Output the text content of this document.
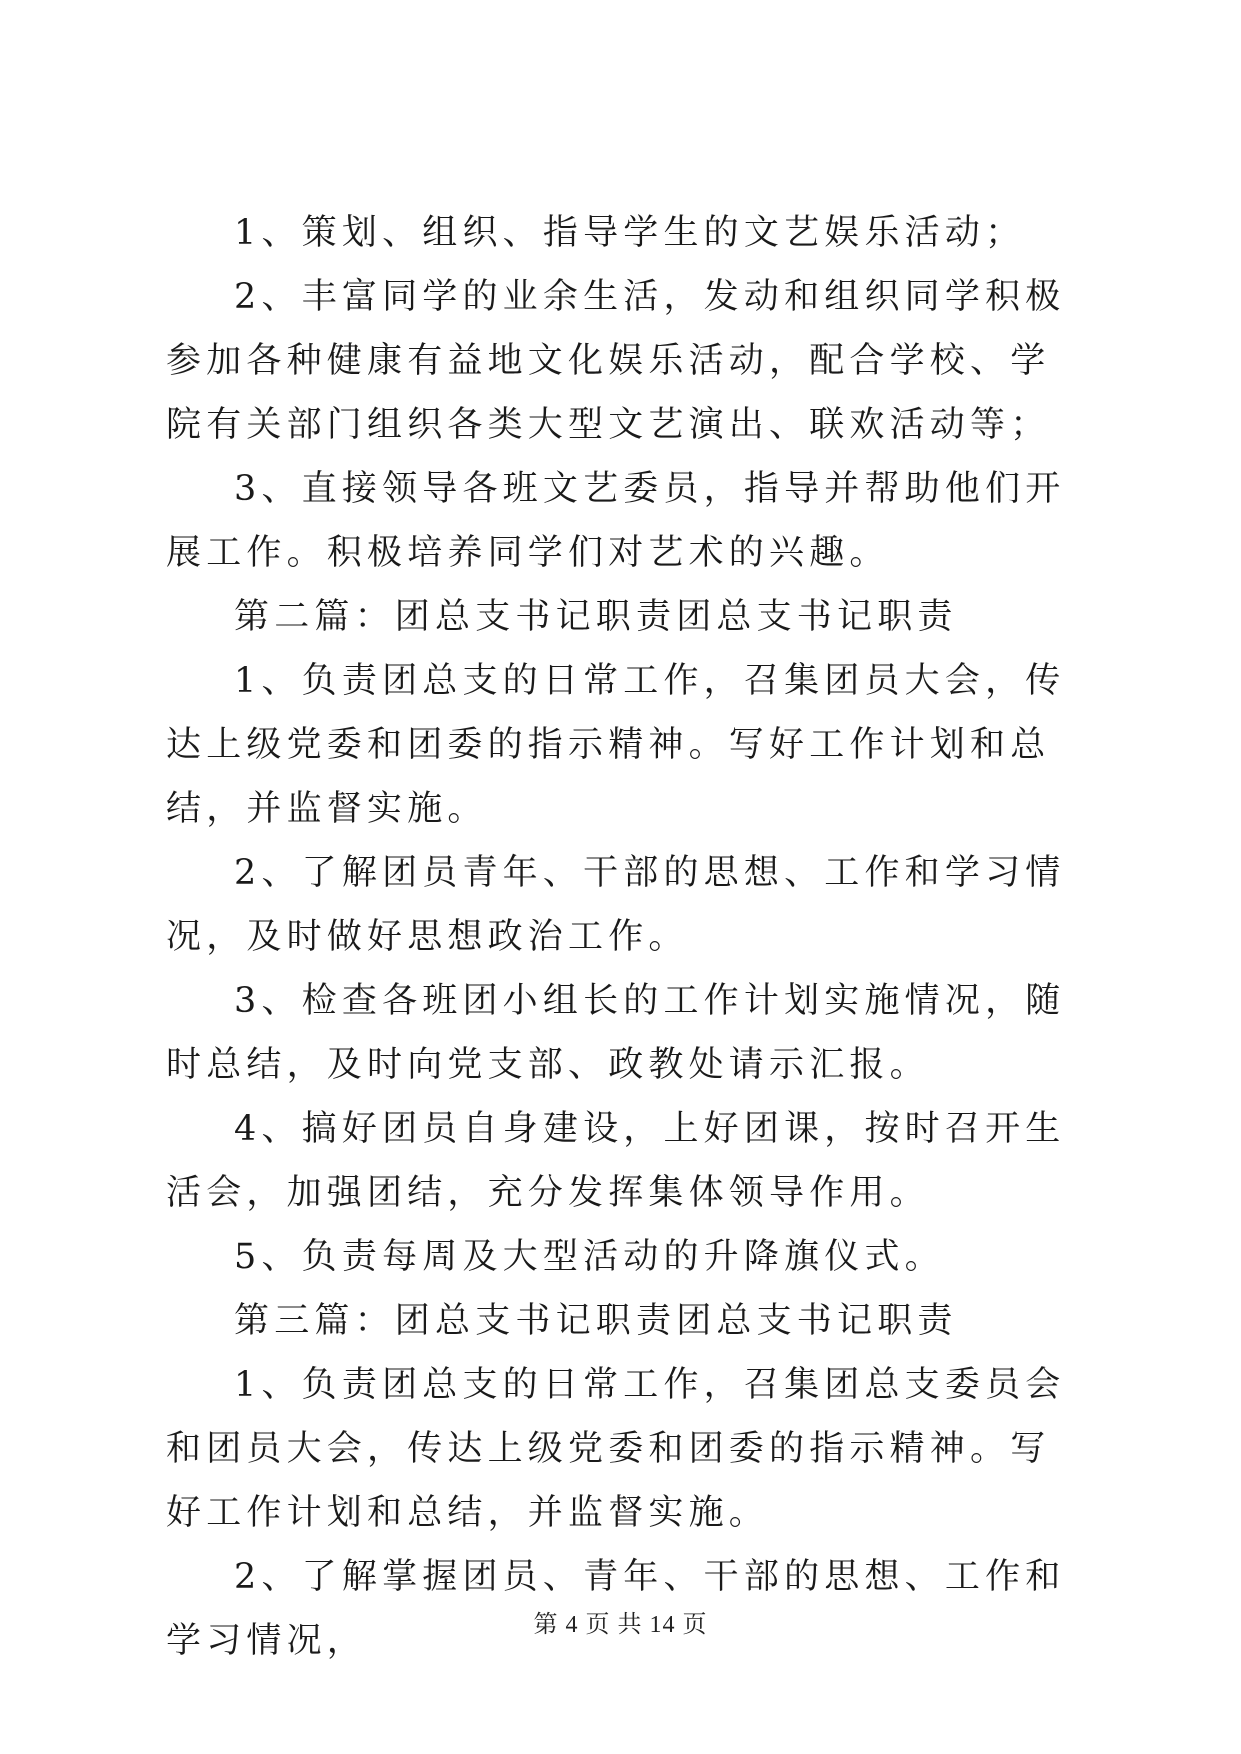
1、策划、组织、指导学生的文艺娱乐活动；

2、丰富同学的业余生活，发动和组织同学积极参加各种健康有益地文化娱乐活动，配合学校、学院有关部门组织各类大型文艺演出、联欢活动等；

3、直接领导各班文艺委员，指导并帮助他们开展工作。积极培养同学们对艺术的兴趣。

第二篇：团总支书记职责团总支书记职责

1、负责团总支的日常工作，召集团员大会，传达上级党委和团委的指示精神。写好工作计划和总结，并监督实施。

2、了解团员青年、干部的思想、工作和学习情况，及时做好思想政治工作。

3、检查各班团小组长的工作计划实施情况，随时总结，及时向党支部、政教处请示汇报。

4、搞好团员自身建设，上好团课，按时召开生活会，加强团结，充分发挥集体领导作用。

5、负责每周及大型活动的升降旗仪式。

第三篇：团总支书记职责团总支书记职责

1、负责团总支的日常工作，召集团总支委员会和团员大会，传达上级党委和团委的指示精神。写好工作计划和总结，并监督实施。

2、了解掌握团员、青年、干部的思想、工作和学习情况，	第 4 页 共 14 页
